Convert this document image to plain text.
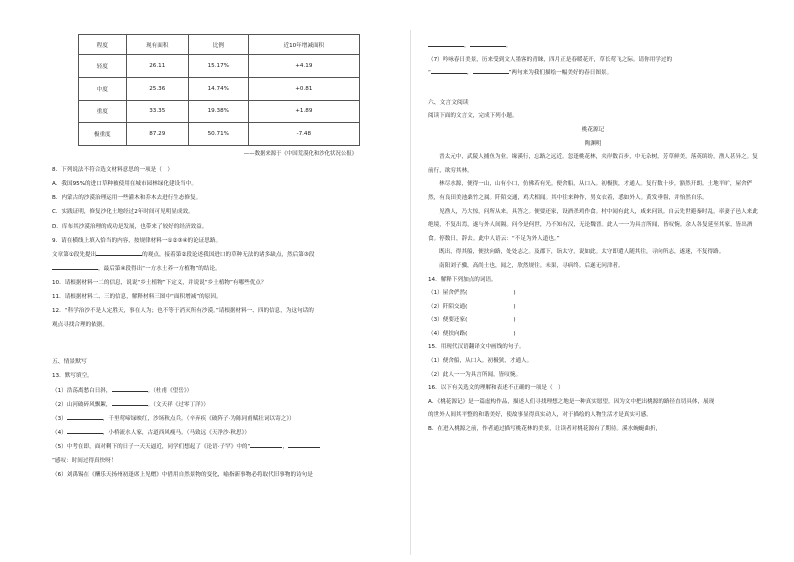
程度	现有面积	比例	近10年增减面积
轻度	26.11	15.17%	+4.19
中度	25.36	14.74%	+0.81
重度	33.35	19.38%	+1.89
极重度	87.29	50.71%	-7.48
——数据来源于《中国荒漠化和沙化状况公报》
8．下列说法不符合选文材料意思的一项是（　）
A．我国95%的进口草种被使用在城市园林绿化建设当中。
B．内蒙古的沙漠治理运用一些灌木和乔木去进行生态修复。
C．实践证明，修复沙化土地经过2年时间可见明显成效。
D．库布其沙漠治理的成功是发展，也带来了较好的经济效益。
9．请在横线上填入恰当的内容，按规律材料一①②③④的论证思路。
文章第①段先提出	的观点，接着第②段论述我国进口的草种无法的诸多缺点，然后第③段
，最后第④段得出“一方水土养一方植物”的结论。
10．请根据材料一二的信息，说说“乡土植物”下定义，并说说“乡土植物”有哪些优点？
11．请根据材料二、三的信息，解释材料三图中“面积增减”的原因。
12．“科学治沙不是人定胜天，事在人为；也不等于消灭所有沙漠。”请根据材料一、四的信息，为这句话的
观点寻找合理的依据。
五、情景默写
13．默写填空。
（1）浩荡离愁白日斜，	。（杜甫《望岳》）
（2）山河破碎风飘絮，	。（文天祥《过零丁洋》）
（3）	，千里莺啼绿映红，沙场秋点兵。（辛弃疾《破阵子·为陈同甫赋壮词以寄之》）
（4）	，小桥流水人家，古道西风瘦马。（马致远《天净沙·秋思》）
（5）中考在即，面对剩下的日子一天天逼近，同学们想起了《论语·子罕》中的“	，
”感叹：时间过得真快呀！
（6）刘禹锡在《酬乐天扬州初逢席上见赠》中借用自然景物的变化，喻指新事物必将取代旧事物的诗句是
，	。
（7）吟咏春日美景，历来受到文人墨客的青睐，四月正是春暖花开，草长莺飞之际。请你用学过的
“	，	”两句来为我们描绘一幅美好的春日图景。
六、文言文阅读
阅读下面的文言文，完成下列小题。
桃花源记
陶渊明
晋太元中，武陵人捕鱼为业。缘溪行，忘路之远近。忽逢桃花林，夹岸数百步，中无杂树，芳草鲜美，落英缤纷，渔人甚异之。复前行，欲穷其林。
林尽水源，便得一山，山有小口，仿佛若有光。便舍船，从口入。初极狭，才通人。复行数十步，豁然开朗。土地平旷，屋舍俨然，有良田美池桑竹之属。阡陌交通，鸡犬相闻。其中往来种作，男女衣着，悉如外人。黄发垂髫，并怡然自乐。
见渔人，乃大惊，问所从来。具答之。便要还家，设酒杀鸡作食。村中闻有此人，咸来问讯。自云先世避秦时乱，率妻子邑人来此绝境，不复出焉，遂与外人间隔。问今是何世，乃不知有汉，无论魏晋。此人一一为具言所闻，皆叹惋。余人各复延至其家，皆出酒食。停数日，辞去。此中人语云：“不足为外人道也。”
既出，得其船，便扶向路，处处志之。及郡下，诣太守，说如此。太守即遣人随其往，寻向所志，遂迷，不复得路。
南阳刘子骥，高尚士也，闻之，欣然规往。未果，寻病终。后遂无问津者。
14．解释下列加点的词语。
（1）屋舍俨然(	)
（2）阡陌交通(	)
（3）便要还家(	)
（4）便扶向路(	)
15．用现代汉语翻译文中画线的句子。
（1）便舍船，从口入。初极狭，才通人。
（2）此人一一为具言所闻，皆叹惋。
16．以下有关选文的理解和表述不正确的一项是（　）
A．《桃花源记》是一篇虚构作品，描述人们寻找理想之地是一种真实愿望。因为文中把出桃源的路径直切具体，展现
的世外人间其平整的和谐美好，使故事显得真实动人，对于描绘的人物生活才是真实可感。
B．在进入桃源之前，作者通过描写桃花林的美景，让读者对桃花源有了期待。溪水蜿蜒曲折，
